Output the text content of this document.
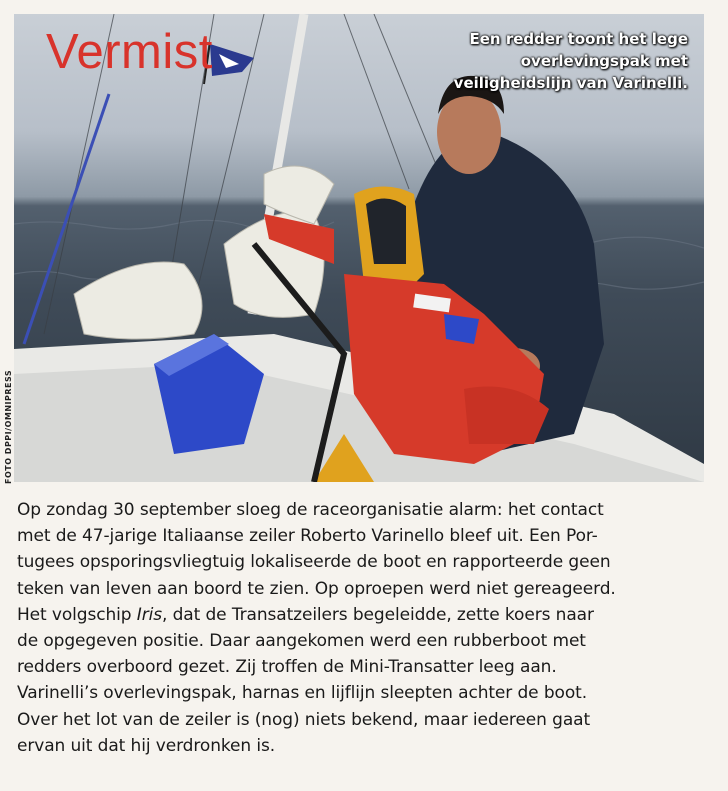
Vermist	Een redder toont het lege overlevingspak met veiligheidslijn van Varinelli.

FOTO DPPI/OMNIPRESS

Op zondag 30 september sloeg de raceorganisatie alarm: het contact

met de 47-jarige Italiaanse zeiler Roberto Varinello bleef uit. Een Por-

tugees opsporingsvliegtuig lokaliseerde de boot en rapporteerde geen

teken van leven aan boord te zien. Op oproepen werd niet gereageerd.

Het volgschip Iris, dat de Transatzeilers begeleidde, zette koers naar

de opgegeven positie. Daar aangekomen werd een rubberboot met

redders overboord gezet. Zij troffen de Mini-Transatter leeg aan.

Varinelli’s overlevingspak, harnas en lijflijn sleepten achter de boot.

Over het lot van de zeiler is (nog) niets bekend, maar iedereen gaat

ervan uit dat hij verdronken is.
